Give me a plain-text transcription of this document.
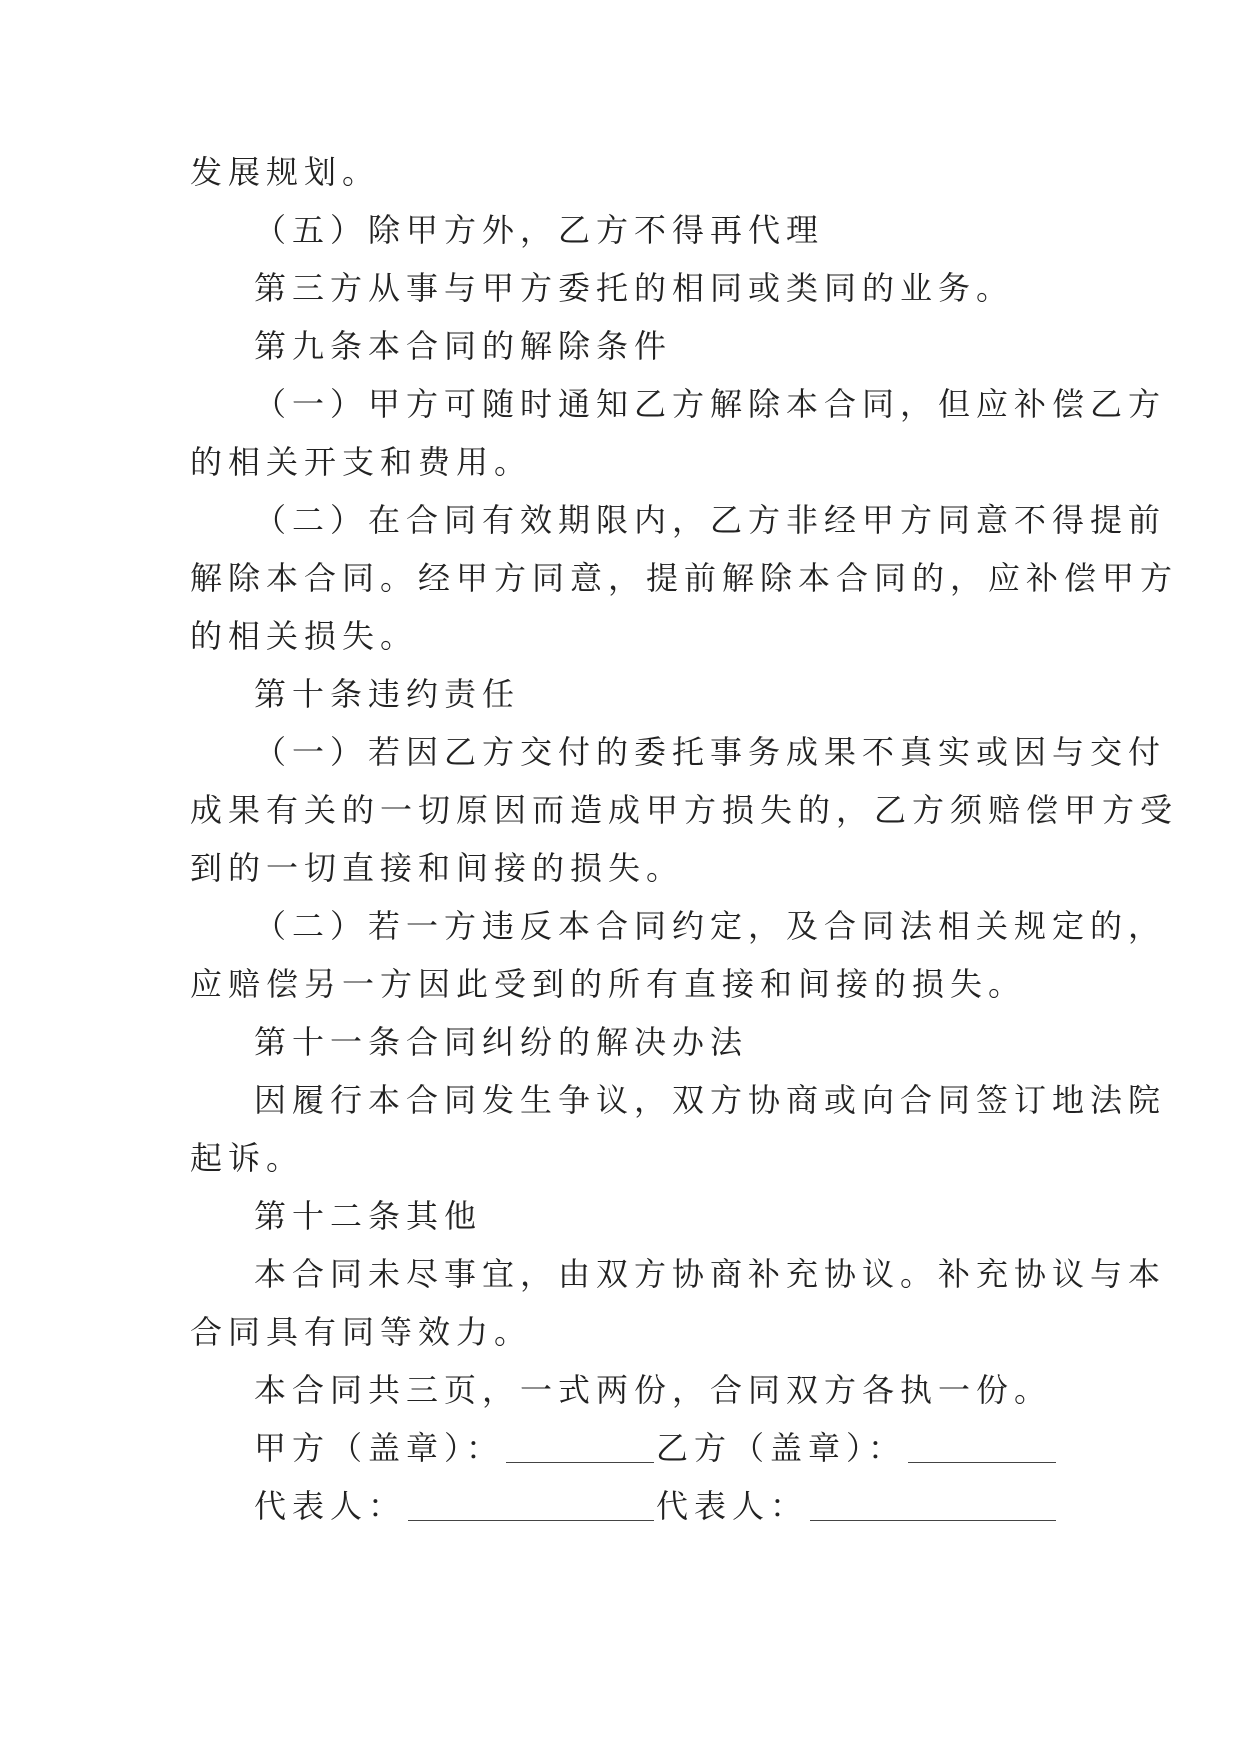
发展规划。
（五）除甲方外，乙方不得再代理
第三方从事与甲方委托的相同或类同的业务。
第九条本合同的解除条件
（一）甲方可随时通知乙方解除本合同，但应补偿乙方
的相关开支和费用。
（二）在合同有效期限内，乙方非经甲方同意不得提前
解除本合同。经甲方同意，提前解除本合同的，应补偿甲方
的相关损失。
第十条违约责任
（一）若因乙方交付的委托事务成果不真实或因与交付
成果有关的一切原因而造成甲方损失的，乙方须赔偿甲方受
到的一切直接和间接的损失。
（二）若一方违反本合同约定，及合同法相关规定的，
应赔偿另一方因此受到的所有直接和间接的损失。
第十一条合同纠纷的解决办法
因履行本合同发生争议，双方协商或向合同签订地法院
起诉。
第十二条其他
本合同未尽事宜，由双方协商补充协议。补充协议与本
合同具有同等效力。
本合同共三页，一式两份，合同双方各执一份。
甲方（盖章）：	乙方（盖章）：
代表人：	代表人：
